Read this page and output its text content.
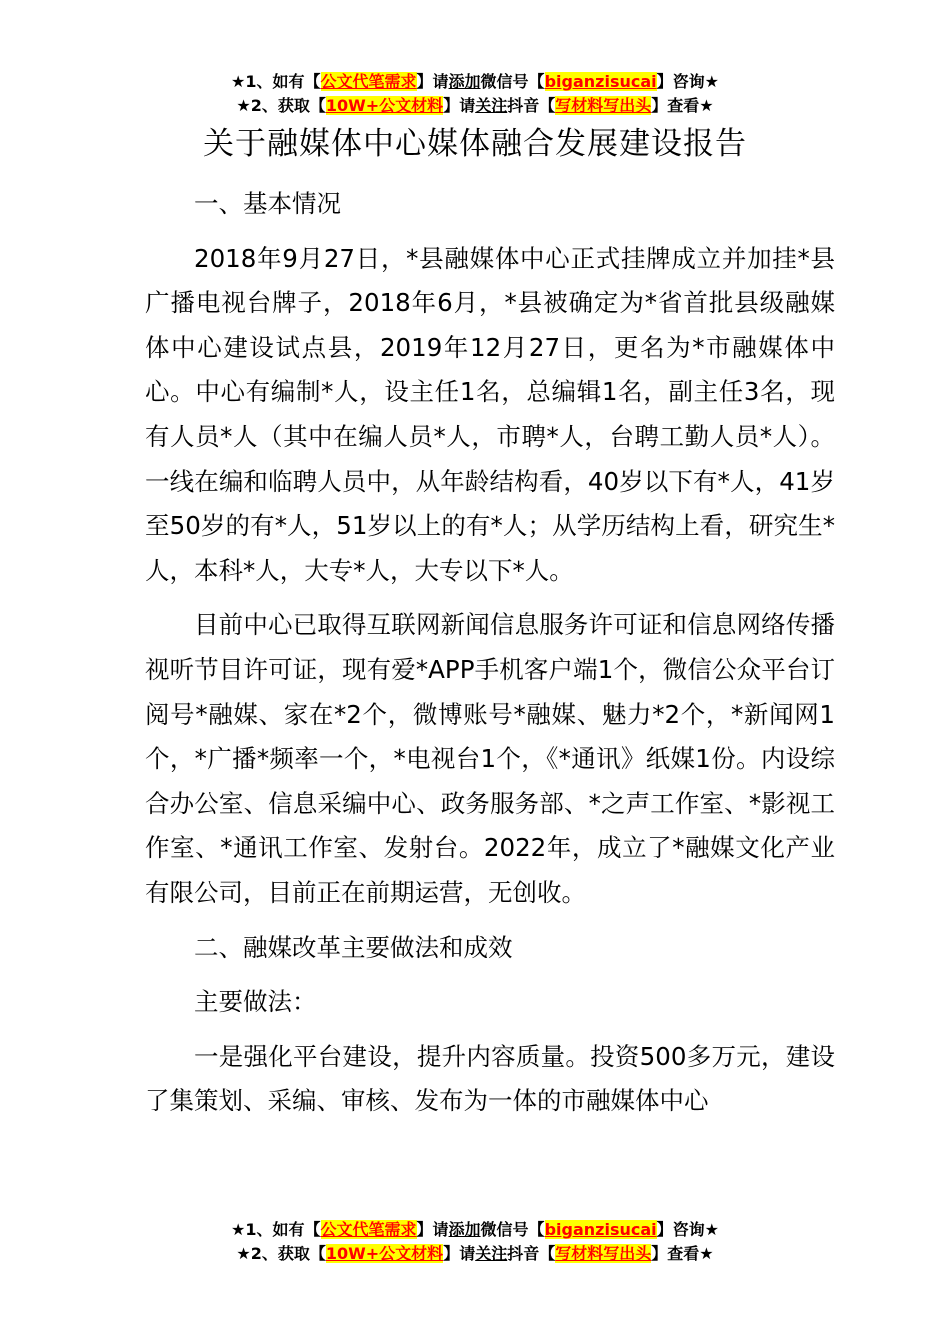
★1、如有【公文代笔需求】请添加微信号【biganzisucai】咨询★
★2、获取【10W+公文材料】请关注抖音【写材料写出头】查看★
关于融媒体中心媒体融合发展建设报告

一、基本情况

2018年9月27日，*县融媒体中心正式挂牌成立并加挂*县广播电视台牌子，2018年6月，*县被确定为*省首批县级融媒体中心建设试点县，2019年12月27日，更名为*市融媒体中心。中心有编制*人，设主任1名，总编辑1名，副主任3名，现有人员*人（其中在编人员*人，市聘*人，台聘工勤人员*人）。一线在编和临聘人员中，从年龄结构看，40岁以下有*人，41岁至50岁的有*人，51岁以上的有*人；从学历结构上看，研究生*人，本科*人，大专*人，大专以下*人。

目前中心已取得互联网新闻信息服务许可证和信息网络传播视听节目许可证，现有爱*APP手机客户端1个，微信公众平台订阅号*融媒、家在*2个，微博账号*融媒、魅力*2个，*新闻网1个，*广播*频率一个，*电视台1个，《*通讯》纸媒1份。内设综合办公室、信息采编中心、政务服务部、*之声工作室、*影视工作室、*通讯工作室、发射台。2022年，成立了*融媒文化产业有限公司，目前正在前期运营，无创收。

二、融媒改革主要做法和成效

主要做法：

一是强化平台建设，提升内容质量。投资500多万元，建设了集策划、采编、审核、发布为一体的市融媒体中心

★1、如有【公文代笔需求】请添加微信号【biganzisucai】咨询★
★2、获取【10W+公文材料】请关注抖音【写材料写出头】查看★
